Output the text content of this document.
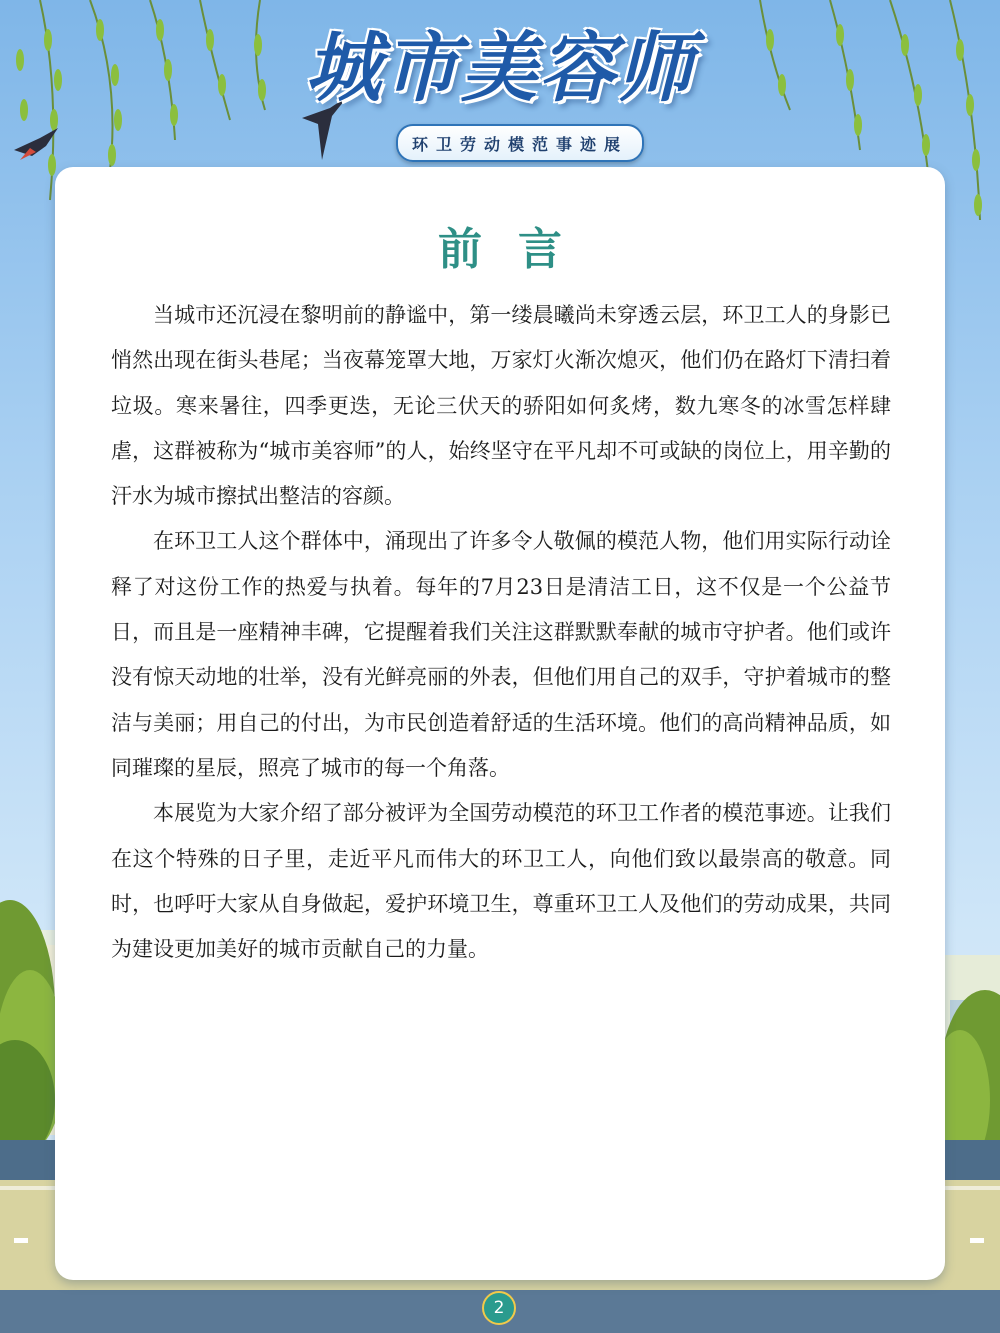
城市美容师
环卫劳动模范事迹展
前言

当城市还沉浸在黎明前的静谧中，第一缕晨曦尚未穿透云层，环卫工人的身影已悄然出现在街头巷尾；当夜幕笼罩大地，万家灯火渐次熄灭，他们仍在路灯下清扫着垃圾。寒来暑往，四季更迭，无论三伏天的骄阳如何炙烤，数九寒冬的冰雪怎样肆虐，这群被称为“城市美容师”的人，始终坚守在平凡却不可或缺的岗位上，用辛勤的汗水为城市擦拭出整洁的容颜。

在环卫工人这个群体中，涌现出了许多令人敬佩的模范人物，他们用实际行动诠释了对这份工作的热爱与执着。每年的7月23日是清洁工日，这不仅是一个公益节日，而且是一座精神丰碑，它提醒着我们关注这群默默奉献的城市守护者。他们或许没有惊天动地的壮举，没有光鲜亮丽的外表，但他们用自己的双手，守护着城市的整洁与美丽；用自己的付出，为市民创造着舒适的生活环境。他们的高尚精神品质，如同璀璨的星辰，照亮了城市的每一个角落。

本展览为大家介绍了部分被评为全国劳动模范的环卫工作者的模范事迹。让我们在这个特殊的日子里，走近平凡而伟大的环卫工人，向他们致以最崇高的敬意。同时，也呼吁大家从自身做起，爱护环境卫生，尊重环卫工人及他们的劳动成果，共同为建设更加美好的城市贡献自己的力量。

2
